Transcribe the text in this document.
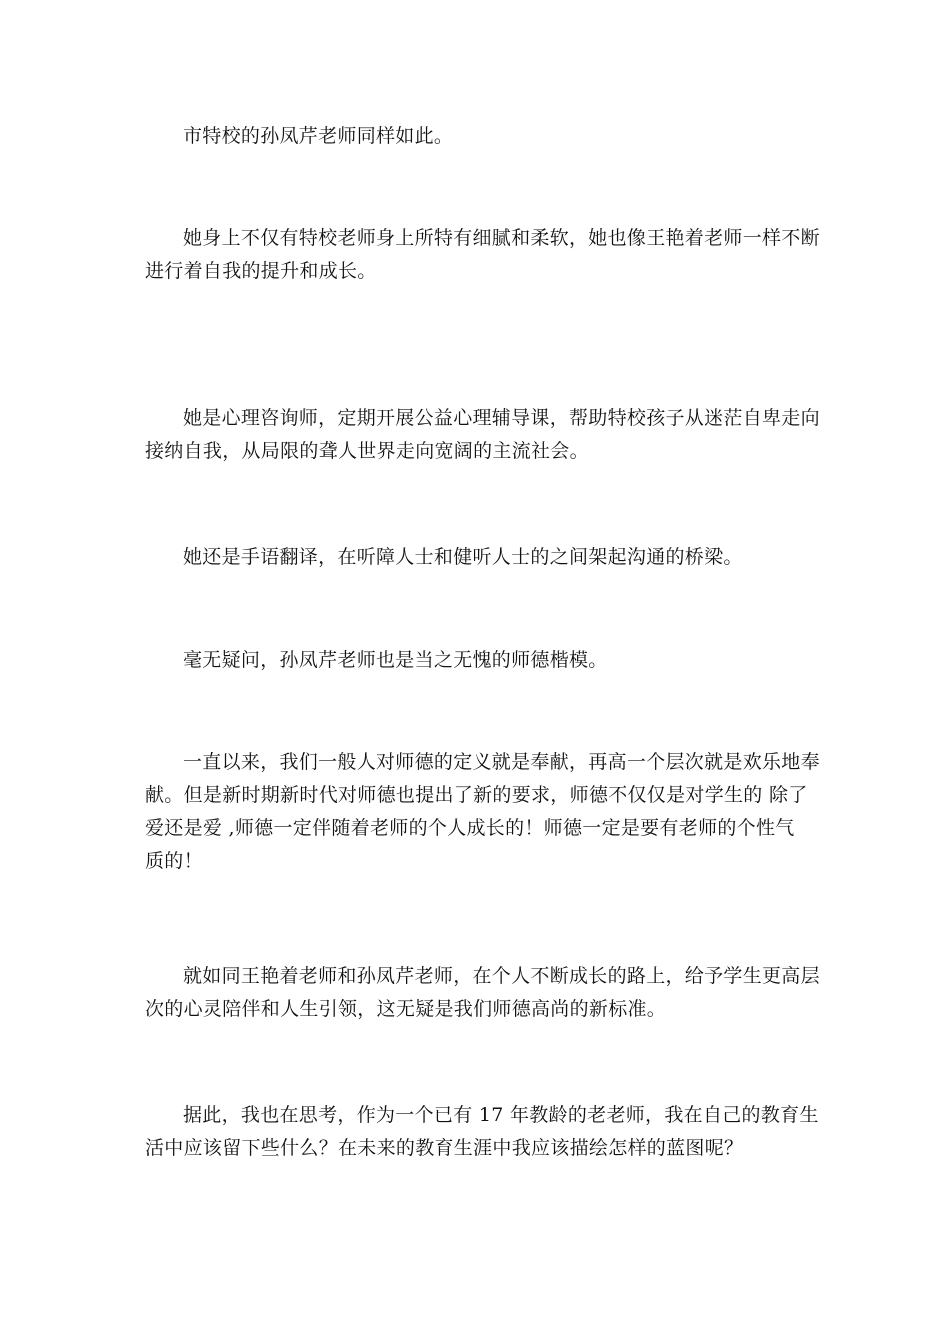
市特校的孙凤芹老师同样如此。
她身上不仅有特校老师身上所特有细腻和柔软，她也像王艳着老师一样不断
进行着自我的提升和成长。
她是心理咨询师，定期开展公益心理辅导课，帮助特校孩子从迷茫自卑走向
接纳自我，从局限的聋人世界走向宽阔的主流社会。
她还是手语翻译，在听障人士和健听人士的之间架起沟通的桥梁。
毫无疑问，孙凤芹老师也是当之无愧的师德楷模。
一直以来，我们一般人对师德的定义就是奉献，再高一个层次就是欢乐地奉
献。但是新时期新时代对师德也提出了新的要求，师德不仅仅是对学生的 除了
爱还是爱 ,师德一定伴随着老师的个人成长的！师德一定是要有老师的个性气
质的！
就如同王艳着老师和孙凤芹老师，在个人不断成长的路上，给予学生更高层
次的心灵陪伴和人生引领，这无疑是我们师德高尚的新标准。
据此，我也在思考，作为一个已有 17 年教龄的老老师，我在自己的教育生
活中应该留下些什么？在未来的教育生涯中我应该描绘怎样的蓝图呢？
